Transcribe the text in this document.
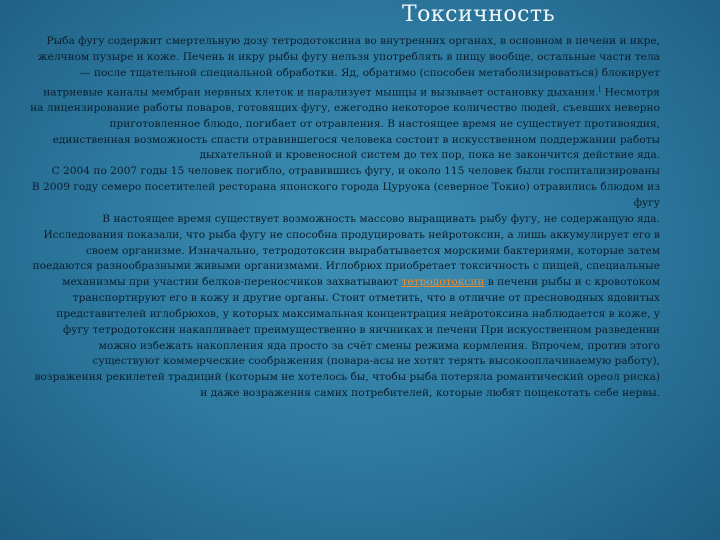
Токсичность

Рыба фугу содержит смертельную дозу тетродотоксина во внутренних органах, в основном в печени и икре, желчном пузыре и коже. Печень и икру рыбы фугу нельзя употреблять в пищу вообще, остальные части тела — после тщательной специальной обработки. Яд, обратимо (способен метаболизироваться) блокирует натриевые каналы мембран нервных клеток и парализует мышцы и вызывает остановку дыхания.[ Несмотря на лицензирование работы поваров, готовящих фугу, ежегодно некоторое количество людей, съевших неверно приготовленное блюдо, погибает от отравления. В настоящее время не существует противоядия, единственная возможность спасти отравившегося человека состоит в искусственном поддержании работы дыхательной и кровеносной систем до тех пор, пока не закончится действие яда.

С 2004 по 2007 годы 15 человек погибло, отравившись фугу, и около 115 человек были госпитализированы

В 2009 году семеро посетителей ресторана японского города Цуруока (северное Токио) отравились блюдом из фугу

В настоящее время существует возможность массово выращивать рыбу фугу, не содержащую яда. Исследования показали, что рыба фугу не способна продуцировать нейротоксин, а лишь аккумулирует его в своем организме. Изначально, тетродотоксин вырабатывается морскими бактериями, которые затем поедаются разнообразными живыми организмами. Иглобрюх приобретает токсичность с пищей, специальные механизмы при участии белков-переносчиков захватывают тетродотоксин в печени рыбы и с кровотоком транспортируют его в кожу и другие органы. Стоит отметить, что в отличие от пресноводных ядовитых представителей иглобрюхов, у которых максимальная концентрация нейротоксина наблюдается в коже, у фугу тетродотоксин накапливает преимущественно в яичниках и печени При искусственном разведении можно избежать накопления яда просто за счёт смены режима кормления. Впрочем, против этого существуют коммерческие соображения (повара-асы не хотят терять высокооплачиваемую работу), возражения рекилетей традиций (которым не хотелось бы, чтобы рыба потеряла романтический ореол риска) и даже возражения самих потребителей, которые любят пощекотать себе нервы.
